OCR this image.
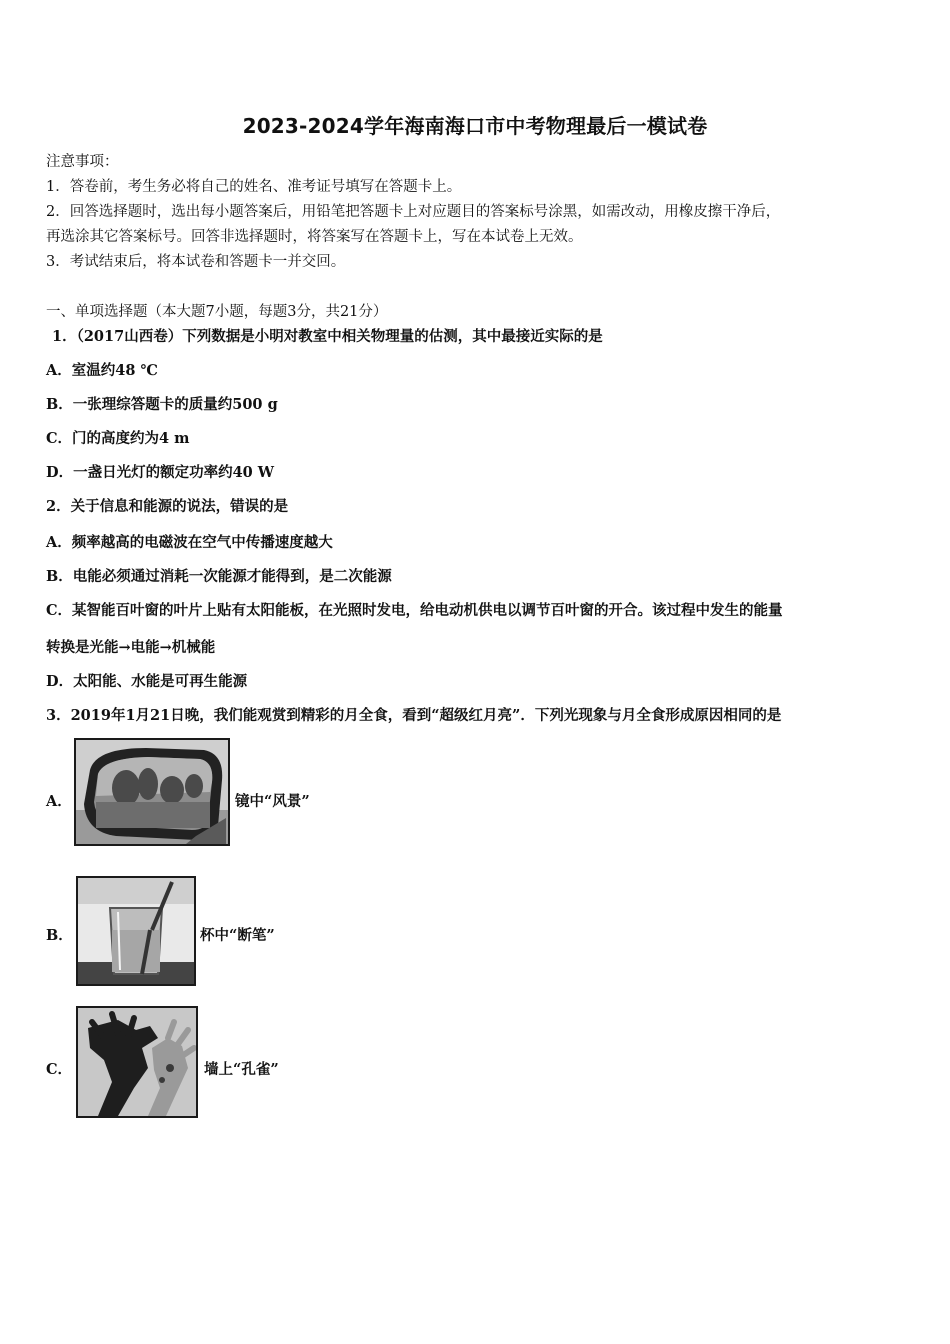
2023-2024学年海南海口市中考物理最后一模试卷
注意事项：
1．答卷前，考生务必将自己的姓名、准考证号填写在答题卡上。
2．回答选择题时，选出每小题答案后，用铅笔把答题卡上对应题目的答案标号涂黑，如需改动，用橡皮擦干净后，
再选涂其它答案标号。回答非选择题时，将答案写在答题卡上，写在本试卷上无效。
3．考试结束后，将本试卷和答题卡一并交回。
一、单项选择题（本大题7小题，每题3分，共21分）
1．（2017山西卷）下列数据是小明对教室中相关物理量的估测，其中最接近实际的是
A．室温约48 ℃
B．一张理综答题卡的质量约500 g
C．门的高度约为4 m
D．一盏日光灯的额定功率约40 W
2．关于信息和能源的说法，错误的是
A．频率越高的电磁波在空气中传播速度越大
B．电能必须通过消耗一次能源才能得到，是二次能源
C．某智能百叶窗的叶片上贴有太阳能板，在光照时发电，给电动机供电以调节百叶窗的开合。该过程中发生的能量
转换是光能→电能→机械能
D．太阳能、水能是可再生能源
3．2019年1月21日晚，我们能观赏到精彩的月全食，看到“超级红月亮”．下列光现象与月全食形成原因相同的是
A．	镜中“风景”
B．	杯中“断笔”
C．	墙上“孔雀”
